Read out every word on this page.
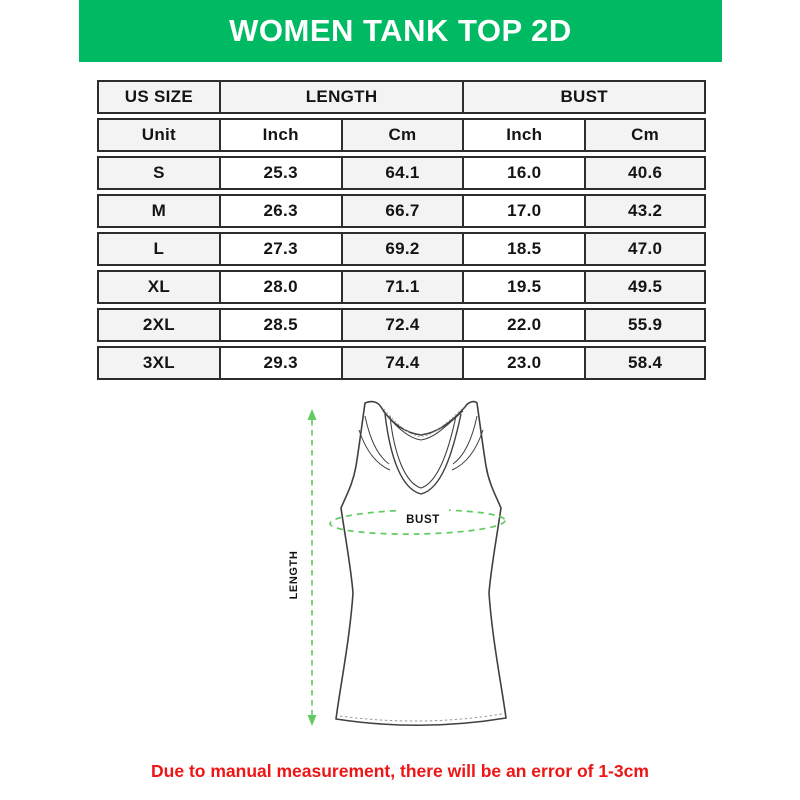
WOMEN TANK TOP 2D
US SIZE	LENGTH	BUST
Unit	Inch	Cm	Inch	Cm
S	25.3	64.1	16.0	40.6
M	26.3	66.7	17.0	43.2
L	27.3	69.2	18.5	47.0
XL	28.0	71.1	19.5	49.5
2XL	28.5	72.4	22.0	55.9
3XL	29.3	74.4	23.0	58.4
BUST
LENGTH
Due to manual measurement, there will be an error of 1-3cm
